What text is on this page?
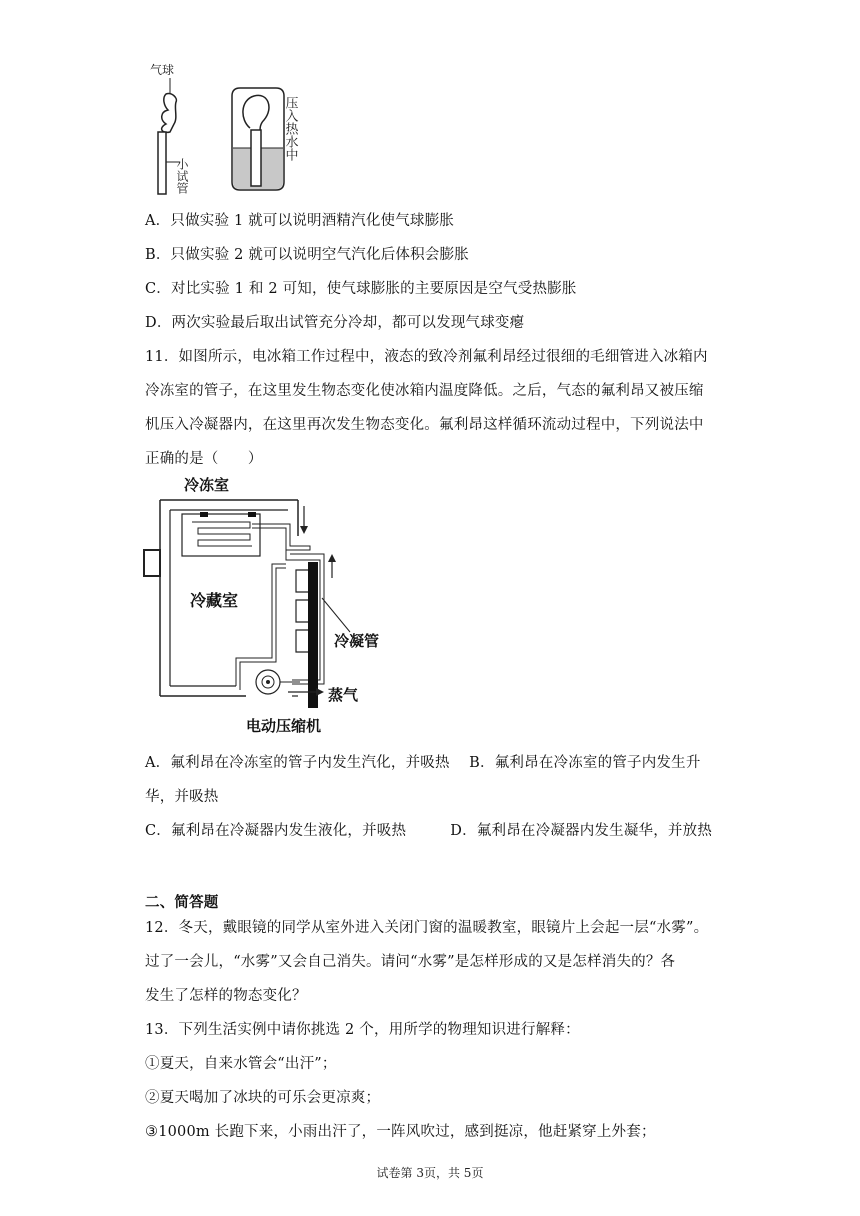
气球
小试管
压入热水中
A．只做实验 1 就可以说明酒精汽化使气球膨胀
B．只做实验 2 就可以说明空气汽化后体积会膨胀
C．对比实验 1 和 2 可知，使气球膨胀的主要原因是空气受热膨胀
D．两次实验最后取出试管充分冷却，都可以发现气球变瘪
11．如图所示，电冰箱工作过程中，液态的致冷剂氟利昂经过很细的毛细管进入冰箱内
冷冻室的管子，在这里发生物态变化使冰箱内温度降低。之后，气态的氟利昂又被压缩
机压入冷凝器内，在这里再次发生物态变化。氟利昂这样循环流动过程中，下列说法中
正确的是（　　）
冷冻室
冷藏室
冷凝管
蒸气
电动压缩机
A．氟利昂在冷冻室的管子内发生汽化，并吸热　 B．氟利昂在冷冻室的管子内发生升
华，并吸热
C．氟利昂在冷凝器内发生液化，并吸热　　　D．氟利昂在冷凝器内发生凝华，并放热
二、简答题
12．冬天，戴眼镜的同学从室外进入关闭门窗的温暖教室，眼镜片上会起一层“水雾”。
过了一会儿，“水雾”又会自己消失。请问“水雾”是怎样形成的又是怎样消失的？各
发生了怎样的物态变化？
13．下列生活实例中请你挑选 2 个，用所学的物理知识进行解释：
①夏天，自来水管会“出汗”；
②夏天喝加了冰块的可乐会更凉爽；
③1000m 长跑下来，小雨出汗了，一阵风吹过，感到挺凉，他赶紧穿上外套；
试卷第 3页，共 5页
